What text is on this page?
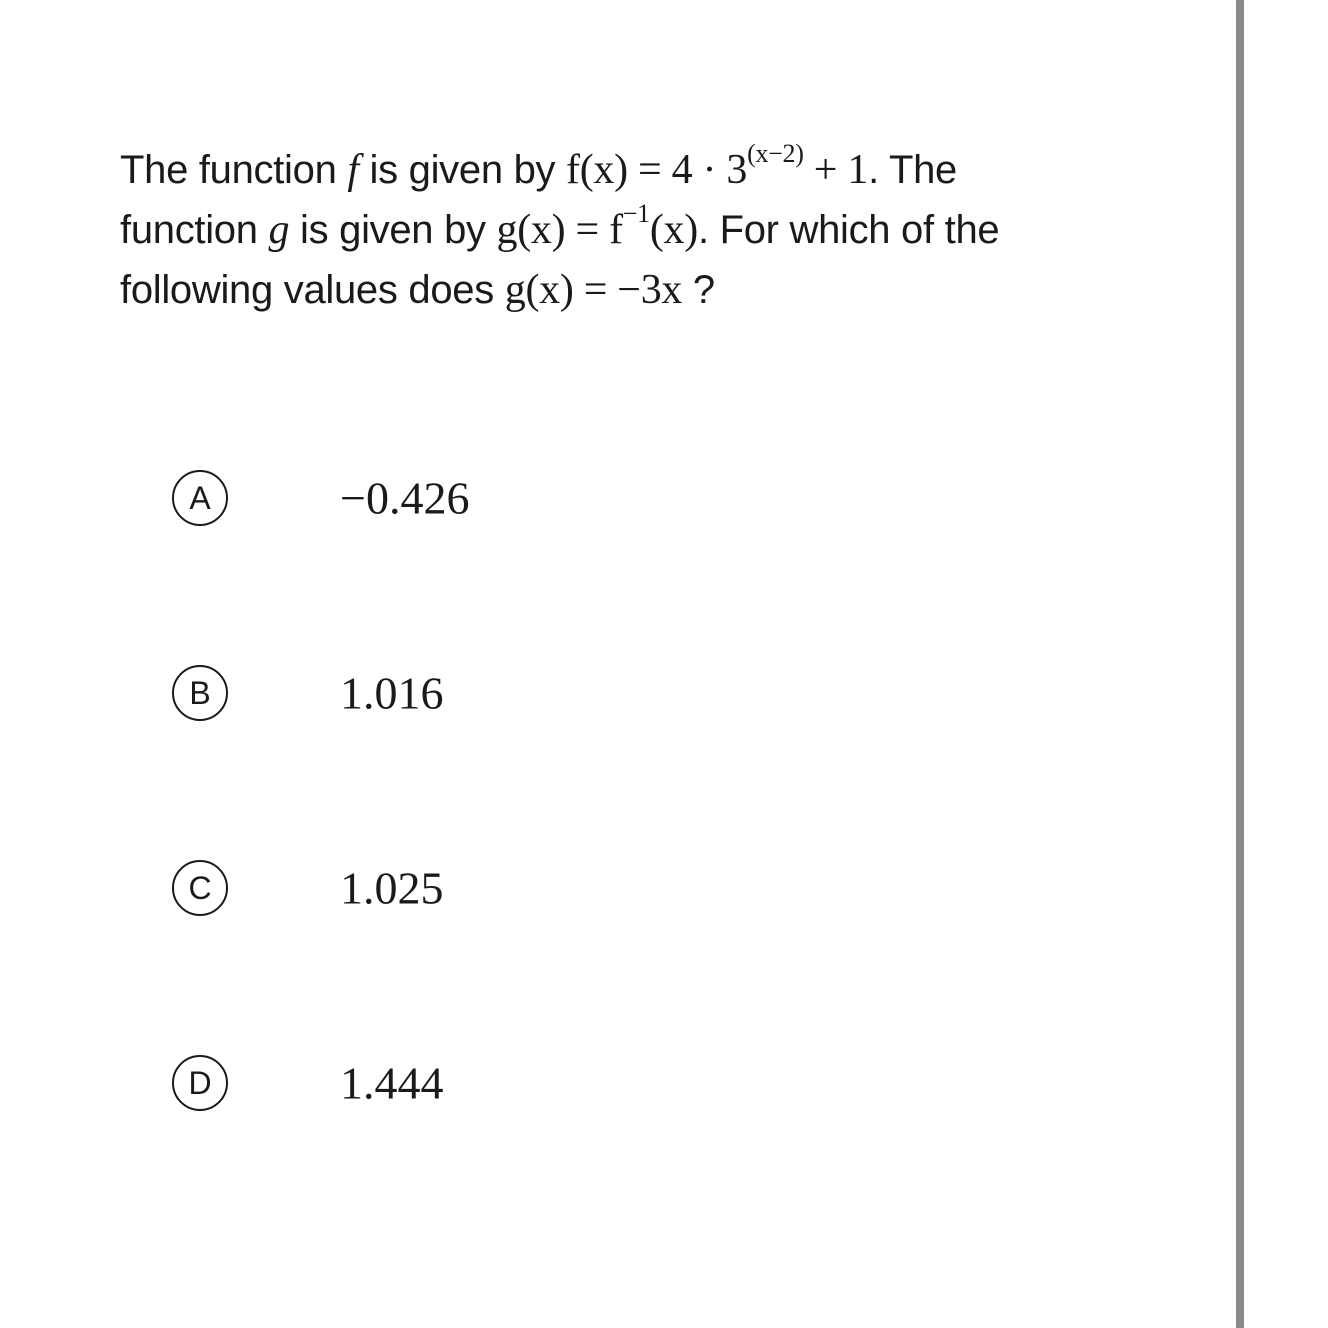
The function f is given by $f(x) = 4 \cdot 3^{(x-2)} + 1$. The
function g is given by $g(x) = f^{-1}(x)$. For which of the
following values does g(x) = −3x ?
A	−0.426
B	1.016
C	1.025
D	1.444
